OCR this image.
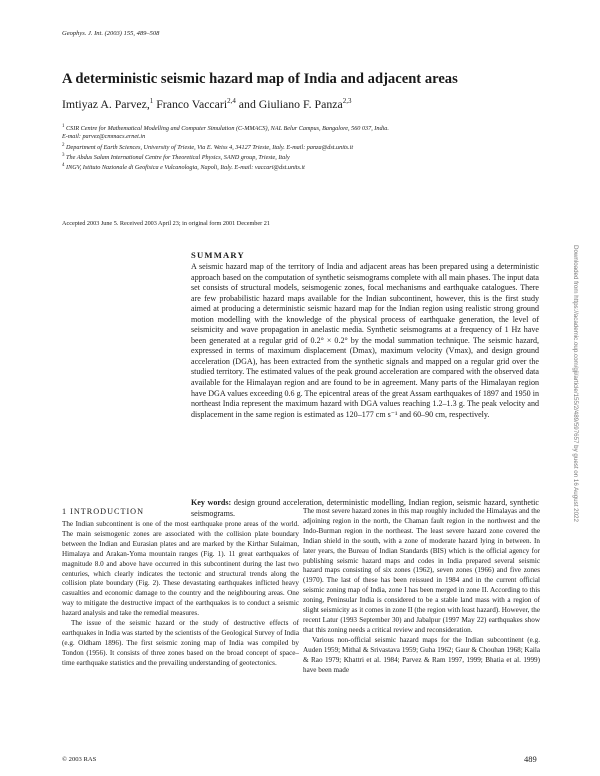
Geophys. J. Int. (2003) 155, 489–508
A deterministic seismic hazard map of India and adjacent areas
Imtiyaz A. Parvez,$^1$ Franco Vaccari$^{2,4}$ and Giuliano F. Panza$^{2,3}$
$^1$ CSIR Centre for Mathematical Modelling and Computer Simulation (C-MMACS), NAL Belur Campus, Bangalore, 560 037, India.
E-mail: parvez@cmmacs.ernet.in
$^2$ Department of Earth Sciences, University of Trieste, Via E. Weiss 4, 34127 Trieste, Italy. E-mail: panza@dst.units.it
$^3$ The Abdus Salam International Centre for Theoretical Physics, SAND group, Trieste, Italy
$^4$ INGV, Istituto Nazionale di Geofisica e Vulcanologia, Napoli, Italy. E-mail: vaccari@dst.units.it
Accepted 2003 June 5. Received 2003 April 23; in original form 2001 December 21
SUMMARY
A seismic hazard map of the territory of India and adjacent areas has been prepared using a deterministic approach based on the computation of synthetic seismograms complete with all main phases. The input data set consists of structural models, seismogenic zones, focal mechanisms and earthquake catalogues. There are few probabilistic hazard maps available for the Indian subcontinent, however, this is the first study aimed at producing a deterministic seismic hazard map for the Indian region using realistic strong ground motion modelling with the knowledge of the physical process of earthquake generation, the level of seismicity and wave propagation in anelastic media. Synthetic seismograms at a frequency of 1 Hz have been generated at a regular grid of 0.2° × 0.2° by the modal summation technique. The seismic hazard, expressed in terms of maximum displacement (Dmax), maximum velocity (Vmax), and design ground acceleration (DGA), has been extracted from the synthetic signals and mapped on a regular grid over the studied territory. The estimated values of the peak ground acceleration are compared with the observed data available for the Himalayan region and are found to be in agreement. Many parts of the Himalayan region have DGA values exceeding 0.6 g. The epicentral areas of the great Assam earthquakes of 1897 and 1950 in northeast India represent the maximum hazard with DGA values reaching 1.2–1.3 g. The peak velocity and displacement in the same region is estimated as 120–177 cm s⁻¹ and 60–90 cm, respectively.
Key words: design ground acceleration, deterministic modelling, Indian region, seismic hazard, synthetic seismograms.
1 INTRODUCTION

The Indian subcontinent is one of the most earthquake prone areas of the world. The main seismogenic zones are associated with the collision plate boundary between the Indian and Eurasian plates and are marked by the Kirthar Sulaiman, Himalaya and Arakan-Yoma mountain ranges (Fig. 1). 11 great earthquakes of magnitude 8.0 and above have occurred in this subcontinent during the last two centuries, which clearly indicates the tectonic and structural trends along the collision plate boundary (Fig. 2). These devastating earthquakes inflicted heavy casualties and economic damage to the country and the neighbouring areas. One way to mitigate the destructive impact of the earthquakes is to conduct a seismic hazard analysis and take the remedial measures.

The issue of the seismic hazard or the study of destructive effects of earthquakes in India was started by the scientists of the Geological Survey of India (e.g. Oldham 1896). The first seismic zoning map of India was compiled by Tondon (1956). It consists of three zones based on the broad concept of space–time earthquake statistics and the prevailing understanding of geotectonics.

The most severe hazard zones in this map roughly included the Himalayas and the adjoining region in the north, the Chaman fault region in the northwest and the Indo-Burman region in the northeast. The least severe hazard zone covered the Indian shield in the south, with a zone of moderate hazard lying in between. In later years, the Bureau of Indian Standards (BIS) which is the official agency for publishing seismic hazard maps and codes in India prepared several seismic hazard maps consisting of six zones (1962), seven zones (1966) and five zones (1970). The last of these has been reissued in 1984 and in the current official seismic zoning map of India, zone I has been merged in zone II. According to this zoning, Peninsular India is considered to be a stable land mass with a region of slight seismicity as it comes in zone II (the region with least hazard). However, the recent Latur (1993 September 30) and Jabalpur (1997 May 22) earthquakes show that this zoning needs a critical review and reconsideration.

Various non-official seismic hazard maps for the Indian subcontinent (e.g. Auden 1959; Mithal & Srivastava 1959; Guha 1962; Gaur & Chouhan 1968; Kaila & Rao 1979; Khattri et al. 1984; Parvez & Ram 1997, 1999; Bhatia et al. 1999) have been made

© 2003 RAS	489
Downloaded from https://academic.oup.com/gji/article/155/2/489/597657 by guest on 16 August 2022
